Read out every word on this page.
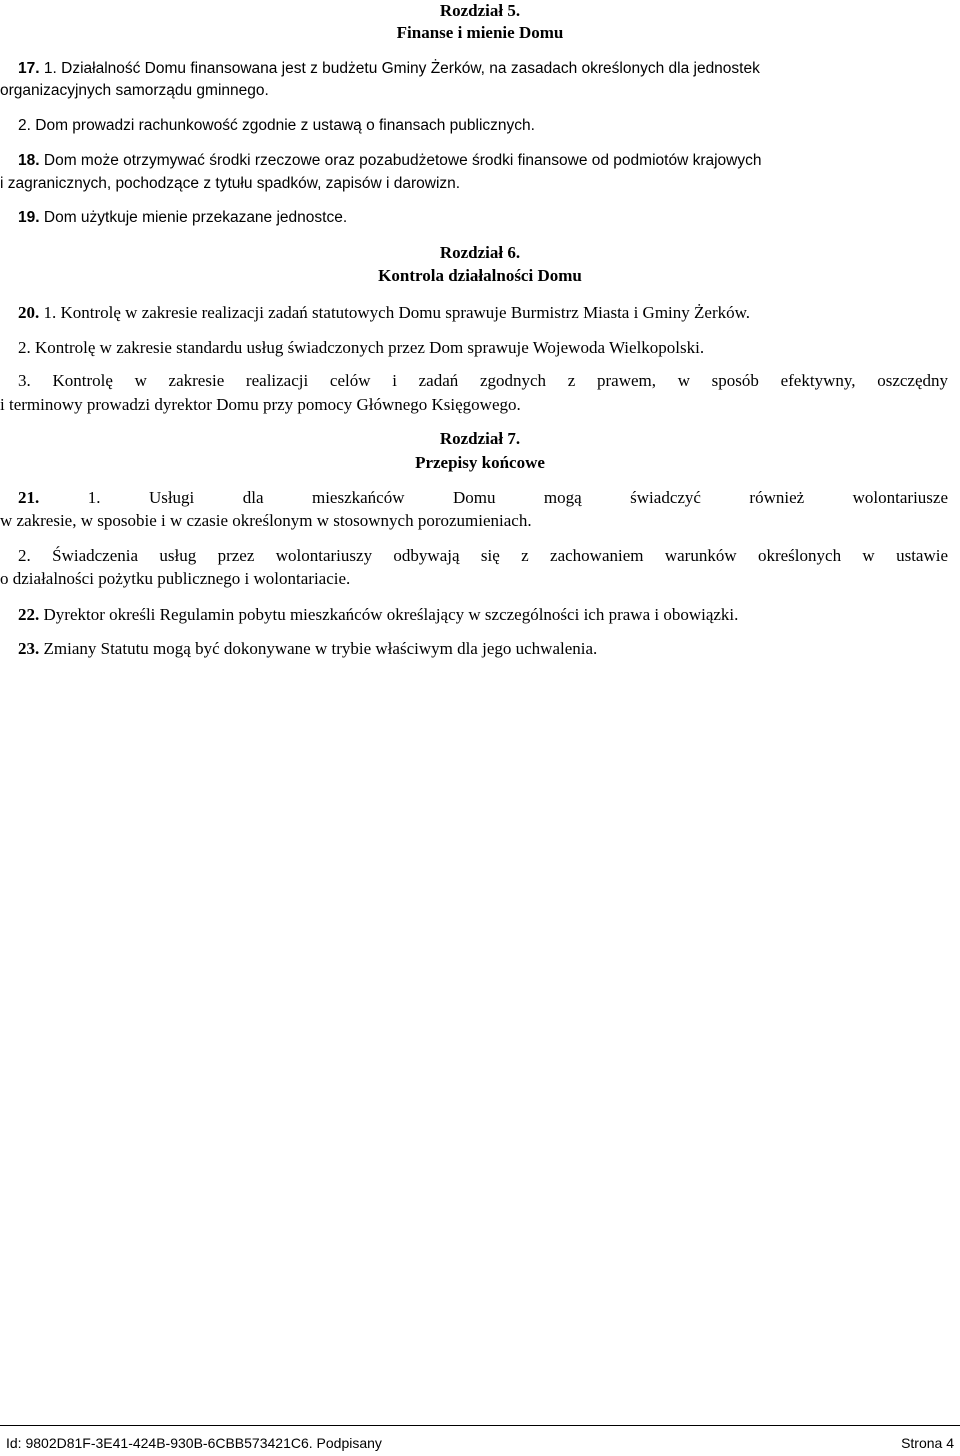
Rozdział 5.
Finanse i mienie Domu
17. 1. Działalność Domu finansowana jest z budżetu Gminy Żerków, na zasadach określonych dla jednostek
organizacyjnych samorządu gminnego.
2. Dom prowadzi rachunkowość zgodnie z ustawą o finansach publicznych.
18. Dom może otrzymywać środki rzeczowe oraz pozabudżetowe środki finansowe od podmiotów krajowych
i zagranicznych, pochodzące z tytułu spadków, zapisów i darowizn.
19. Dom użytkuje mienie przekazane jednostce.
Rozdział 6.
Kontrola działalności Domu
20. 1. Kontrolę w zakresie realizacji zadań statutowych Domu sprawuje Burmistrz Miasta i Gminy Żerków.
2. Kontrolę w zakresie standardu usług świadczonych przez Dom sprawuje Wojewoda Wielkopolski.
3. Kontrolę w zakresie realizacji celów i zadań zgodnych z prawem, w sposób efektywny, oszczędny
i terminowy prowadzi dyrektor Domu przy pomocy Głównego Księgowego.
Rozdział 7.
Przepisy końcowe
21.	1.	Usługi dla mieszkańców Domu mogą świadczyć również wolontariusze
w zakresie, w sposobie i w czasie określonym w stosownych porozumieniach.
2. Świadczenia usług przez wolontariuszy odbywają się z zachowaniem warunków określonych w ustawie
o działalności pożytku publicznego i wolontariacie.
22. Dyrektor określi Regulamin pobytu mieszkańców określający w szczególności ich prawa i obowiązki.
23. Zmiany Statutu mogą być dokonywane w trybie właściwym dla jego uchwalenia.
Id: 9802D81F-3E41-424B-930B-6CBB573421C6. Podpisany	Strona 4
